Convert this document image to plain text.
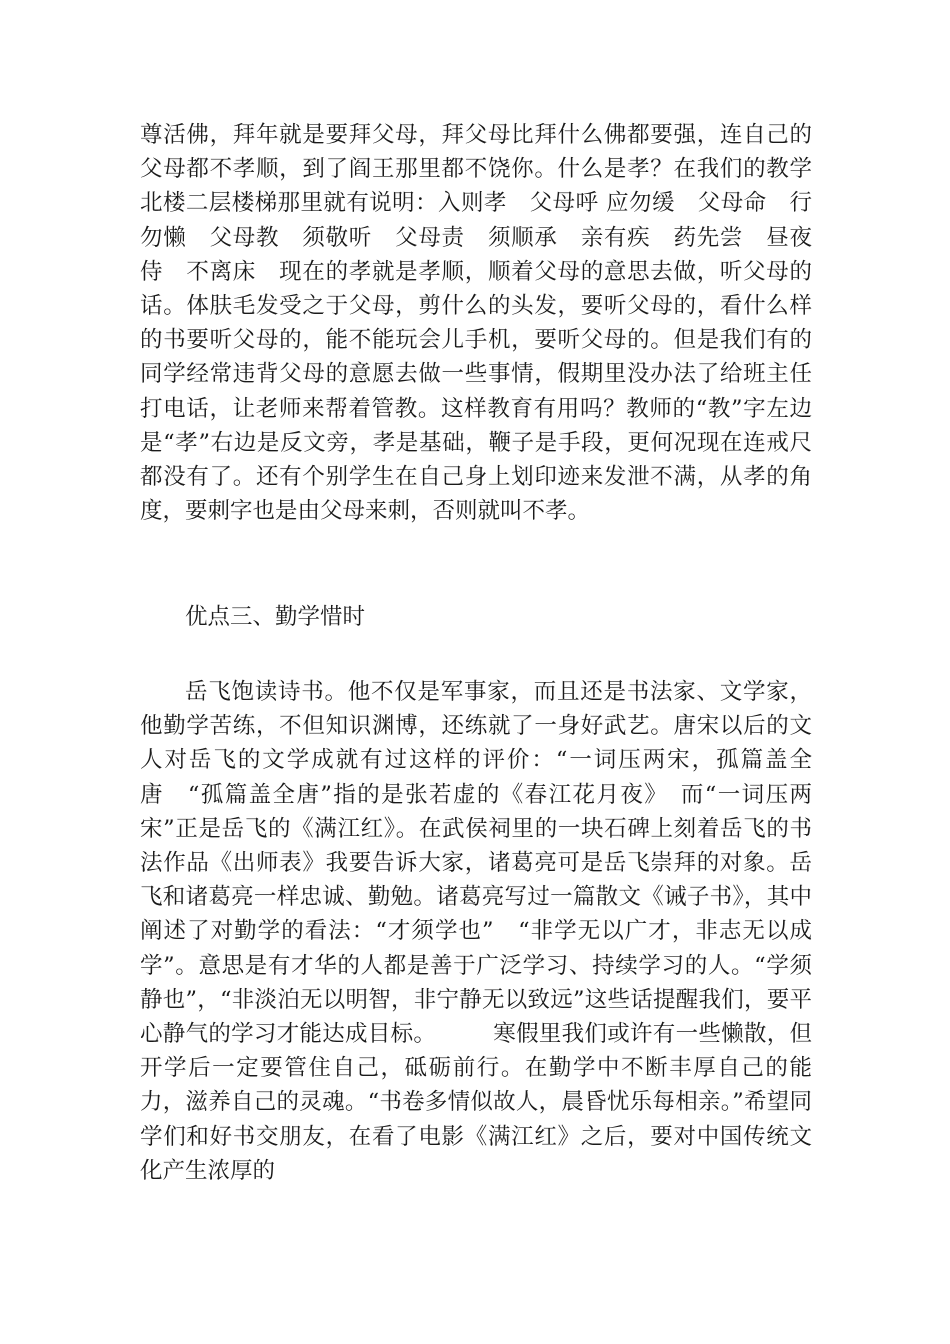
尊活佛，拜年就是要拜父母，拜父母比拜什么佛都要强，连自己的父母都不孝顺，到了阎王那里都不饶你。什么是孝？在我们的教学北楼二层楼梯那里就有说明：入则孝　父母呼 应勿缓　父母命　行勿懒　父母教　须敬听　父母责　须顺承　亲有疾　药先尝　昼夜侍　不离床　现在的孝就是孝顺，顺着父母的意思去做，听父母的话。体肤毛发受之于父母，剪什么的头发，要听父母的，看什么样的书要听父母的，能不能玩会儿手机，要听父母的。但是我们有的同学经常违背父母的意愿去做一些事情，假期里没办法了给班主任打电话，让老师来帮着管教。这样教育有用吗？教师的“教”字左边是“孝”右边是反文旁，孝是基础，鞭子是手段，更何况现在连戒尺都没有了。还有个别学生在自己身上划印迹来发泄不满，从孝的角度，要刺字也是由父母来刺，否则就叫不孝。

优点三、勤学惜时

岳飞饱读诗书。他不仅是军事家，而且还是书法家、文学家，他勤学苦练，不但知识渊博，还练就了一身好武艺。唐宋以后的文人对岳飞的文学成就有过这样的评价：“一词压两宋，孤篇盖全唐　“孤篇盖全唐”指的是张若虚的《春江花月夜》　而“一词压两宋”正是岳飞的《满江红》。在武侯祠里的一块石碑上刻着岳飞的书法作品《出师表》我要告诉大家，诸葛亮可是岳飞崇拜的对象。岳飞和诸葛亮一样忠诚、勤勉。诸葛亮写过一篇散文《诫子书》，其中阐述了对勤学的看法：“才须学也”　“非学无以广才，非志无以成学”。意思是有才华的人都是善于广泛学习、持续学习的人。“学须静也”，“非淡泊无以明智，非宁静无以致远”这些话提醒我们，要平心静气的学习才能达成目标。　　　寒假里我们或许有一些懒散，但开学后一定要管住自己，砥砺前行。在勤学中不断丰厚自己的能力，滋养自己的灵魂。“书卷多情似故人，晨昏忧乐每相亲。”希望同学们和好书交朋友，在看了电影《满江红》之后，要对中国传统文化产生浓厚的
